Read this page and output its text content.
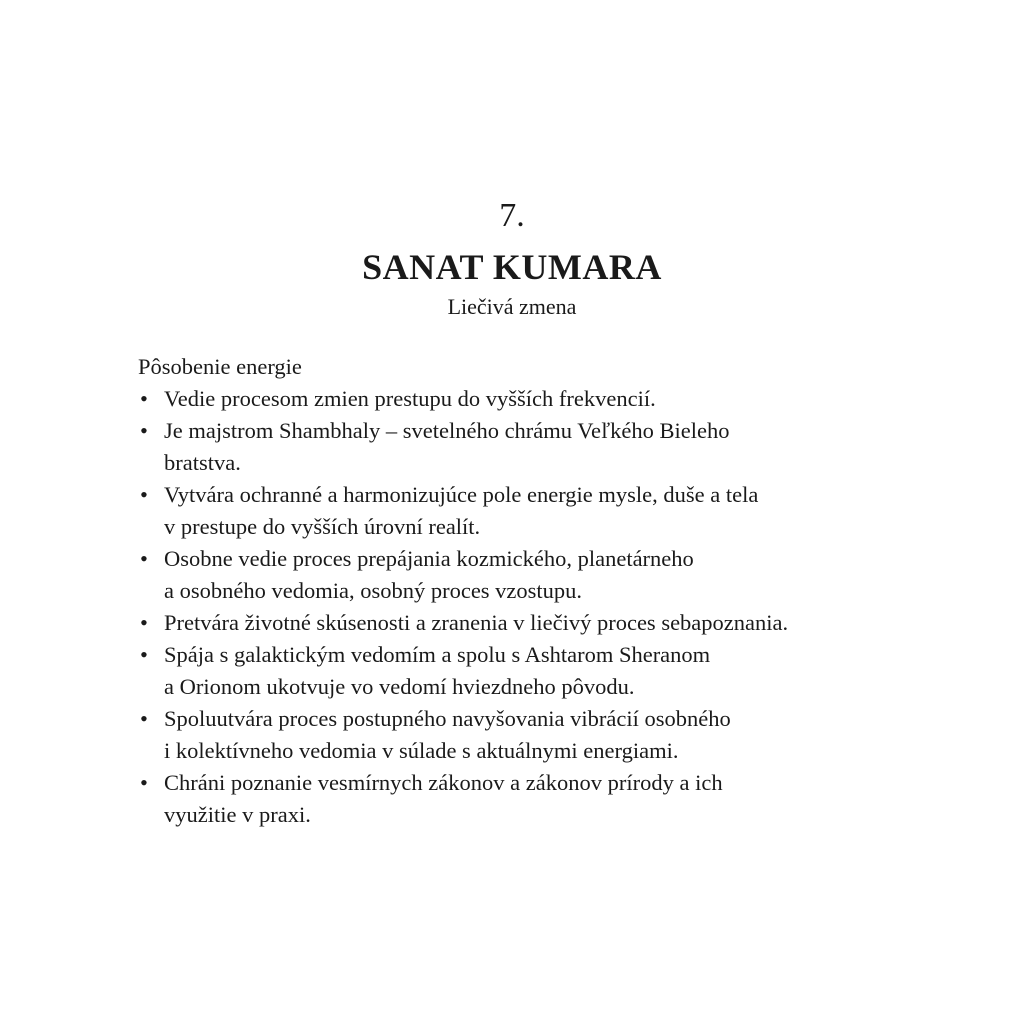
7.
SANAT KUMARA
Liečivá zmena

Pôsobenie energie

• Vedie procesom zmien prestupu do vyšších frekvencií.
• Je majstrom Shambhaly – svetelného chrámu Veľkého Bieleho
bratstva.
• Vytvára ochranné a harmonizujúce pole energie mysle, duše a tela
v prestupe do vyšších úrovní realít.
• Osobne vedie proces prepájania kozmického, planetárneho
a osobného vedomia, osobný proces vzostupu.
• Pretvára životné skúsenosti a zranenia v liečivý proces sebapoznania.
• Spája s galaktickým vedomím a spolu s Ashtarom Sheranom
a Orionom ukotvuje vo vedomí hviezdneho pôvodu.
• Spoluutvára proces postupného navyšovania vibrácií osobného
i kolektívneho vedomia v súlade s aktuálnymi energiami.
• Chráni poznanie vesmírnych zákonov a zákonov prírody a ich
využitie v praxi.
